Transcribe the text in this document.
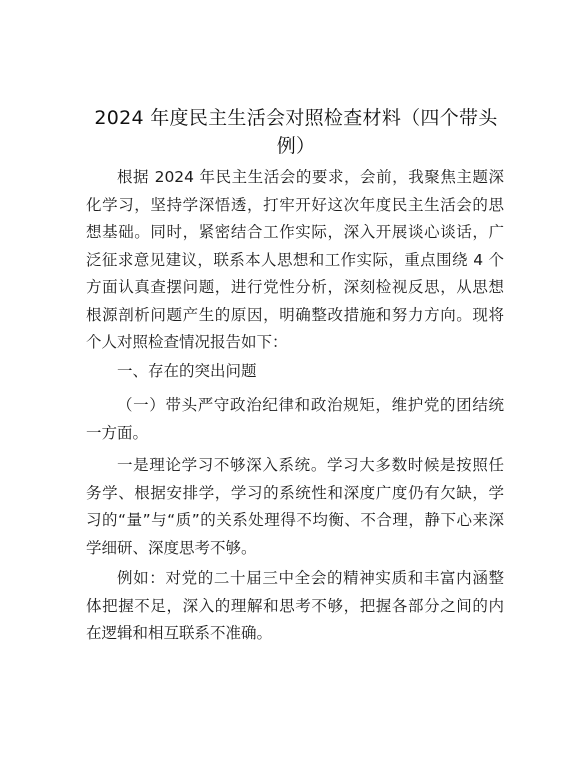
2024 年度民主生活会对照检查材料（四个带头例）

根据 2024 年民主生活会的要求，会前，我聚焦主题深化学习，坚持学深悟透，打牢开好这次年度民主生活会的思想基础。同时，紧密结合工作实际，深入开展谈心谈话，广泛征求意见建议，联系本人思想和工作实际，重点围绕 4 个方面认真查摆问题，进行党性分析，深刻检视反思，从思想根源剖析问题产生的原因，明确整改措施和努力方向。现将个人对照检查情况报告如下：

一、存在的突出问题

（一）带头严守政治纪律和政治规矩，维护党的团结统一方面。

一是理论学习不够深入系统。学习大多数时候是按照任务学、根据安排学，学习的系统性和深度广度仍有欠缺，学习的“量”与“质”的关系处理得不均衡、不合理，静下心来深学细研、深度思考不够。

例如：对党的二十届三中全会的精神实质和丰富内涵整体把握不足，深入的理解和思考不够，把握各部分之间的内在逻辑和相互联系不准确。
